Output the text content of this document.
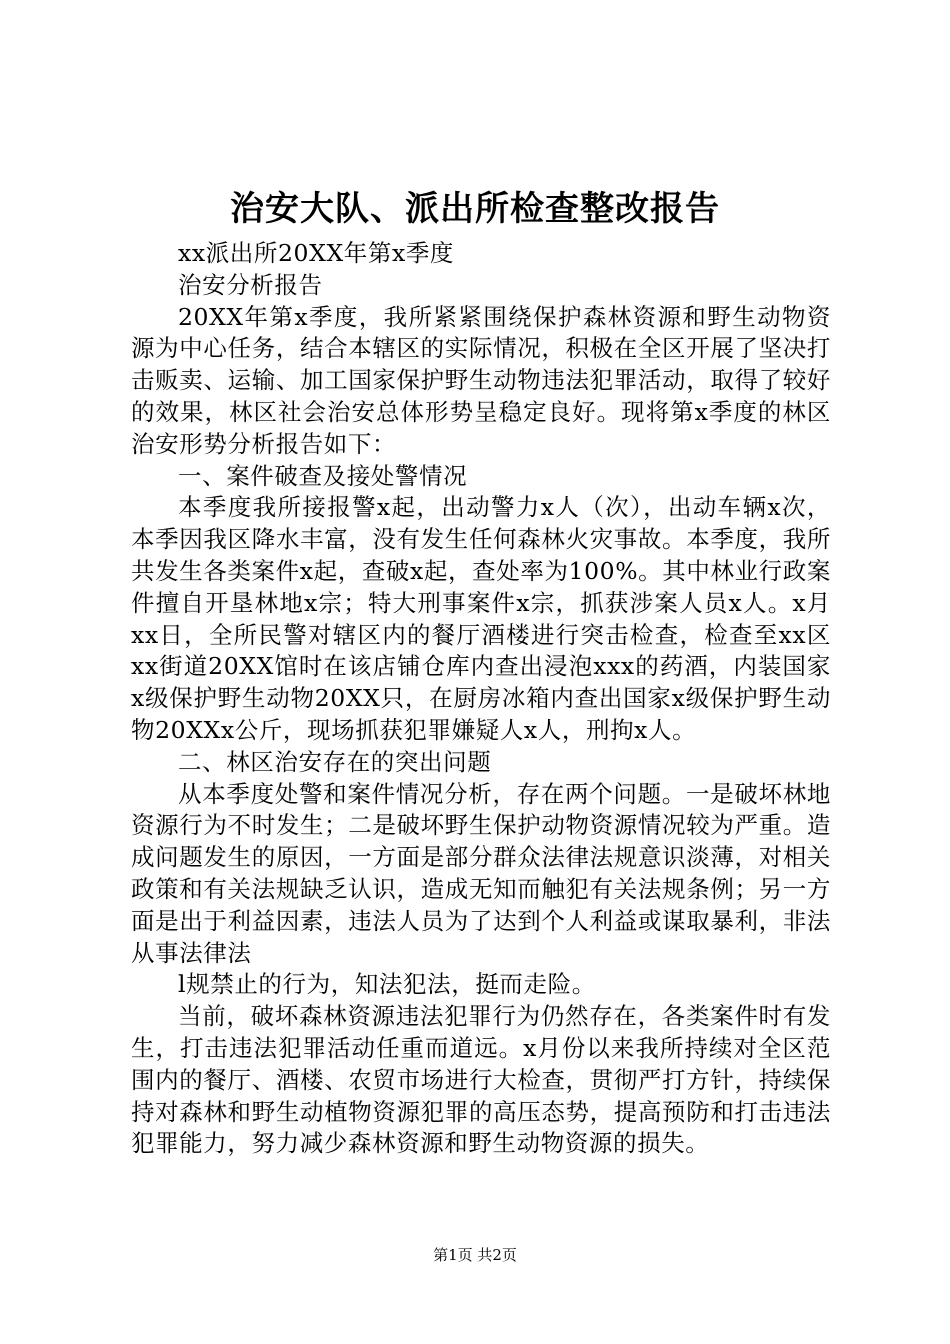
治安大队、派出所检查整改报告

xx派出所20XX年第x季度

治安分析报告

20XX年第x季度，我所紧紧围绕保护森林资源和野生动物资源为中心任务，结合本辖区的实际情况，积极在全区开展了坚决打击贩卖、运输、加工国家保护野生动物违法犯罪活动，取得了较好的效果，林区社会治安总体形势呈稳定良好。现将第x季度的林区治安形势分析报告如下：

一、案件破查及接处警情况

本季度我所接报警x起，出动警力x人（次），出动车辆x次，本季因我区降水丰富，没有发生任何森林火灾事故。本季度，我所共发生各类案件x起，查破x起，查处率为100%。其中林业行政案件擅自开垦林地x宗；特大刑事案件x宗，抓获涉案人员x人。x月xx日，全所民警对辖区内的餐厅酒楼进行突击检查，检查至xx区xx街道20XX馆时在该店铺仓库内查出浸泡xxx的药酒，内装国家x级保护野生动物20XX只，在厨房冰箱内查出国家x级保护野生动物20XXx公斤，现场抓获犯罪嫌疑人x人，刑拘x人。

二、林区治安存在的突出问题

从本季度处警和案件情况分析，存在两个问题。一是破坏林地资源行为不时发生；二是破坏野生保护动物资源情况较为严重。造成问题发生的原因，一方面是部分群众法律法规意识淡薄，对相关政策和有关法规缺乏认识，造成无知而触犯有关法规条例；另一方面是出于利益因素，违法人员为了达到个人利益或谋取暴利，非法从事法律法

l规禁止的行为，知法犯法，挺而走险。

当前，破坏森林资源违法犯罪行为仍然存在，各类案件时有发生，打击违法犯罪活动任重而道远。x月份以来我所持续对全区范围内的餐厅、酒楼、农贸市场进行大检查，贯彻严打方针，持续保持对森林和野生动植物资源犯罪的高压态势，提高预防和打击违法犯罪能力，努力减少森林资源和野生动物资源的损失。

第1页 共2页
